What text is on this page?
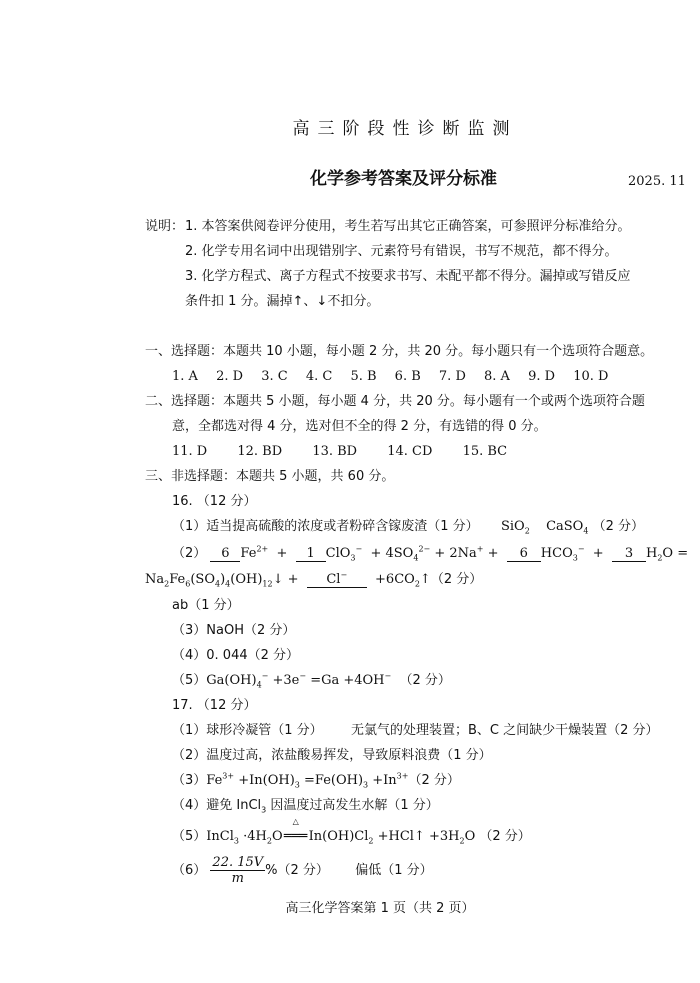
高三阶段性诊断监测
化学参考答案及评分标准	2025. 11
说明： 1. 本答案供阅卷评分使用，考生若写出其它正确答案，可参照评分标准给分。
2. 化学专用名词中出现错别字、元素符号有错误，书写不规范，都不得分。
3. 化学方程式、离子方程式不按要求书写、未配平都不得分。漏掉或写错反应
条件扣 1 分。漏掉↑、↓不扣分。
一、选择题：本题共 10 小题，每小题 2 分，共 20 分。每小题只有一个选项符合题意。
1. A 2. D 3. C 4. C 5. B 6. B 7. D 8. A 9. D 10. D
二、选择题：本题共 5 小题，每小题 4 分，共 20 分。每小题有一个或两个选项符合题
意，全都选对得 4 分，选对但不全的得 2 分，有选错的得 0 分。
11. D 12. BD 13. BD 14. CD 15. BC
三、非选择题：本题共 5 小题，共 60 分。
16. （12 分）
（1）适当提高硫酸的浓度或者粉碎含镓废渣（1 分） SiO$_2$ CaSO$_4$ （2 分）
（2） 6 $Fe^{2+} + 1$ $ClO_3^- + 4SO_4^{2-} + 2Na^+ + 6$ $HCO_3^- + 3$ $H_2O$ =
$Na_2Fe_6(SO_4)_4(OH)_{12}↓ + Cl^-$  $+6CO_2↑(2$ 分）
ab（1 分）
（3）NaOH（2 分）
（4）0. 044（2 分）
$(5)Ga(OH)_4^- +3e^- =Ga +4OH^-$ （2 分）
17. （12 分）
（1）球形冷凝管（1 分） 无氯气的处理装置；B、C 之间缺少干燥装置（2 分）
（2）温度过高，浓盐酸易挥发，导致原料浪费（1 分）
$(3)Fe^{3+} +In(OH)_3 =Fe(OH)_3 +In^{3+}(2$ 分）
（4）避免 InCl$_3$ 因温度过高发生水解（1 分）
（5）InCl$_3$ $\cdot 4H_2O$
△
$═══In(OH)Cl_2$ +HCl↑ $+3H_2O$ （2 分）
$(6) \frac{22. 15V}{m} \%(2$ 分） 偏低（1 分）
高三化学答案第 1 页（共 2 页）
